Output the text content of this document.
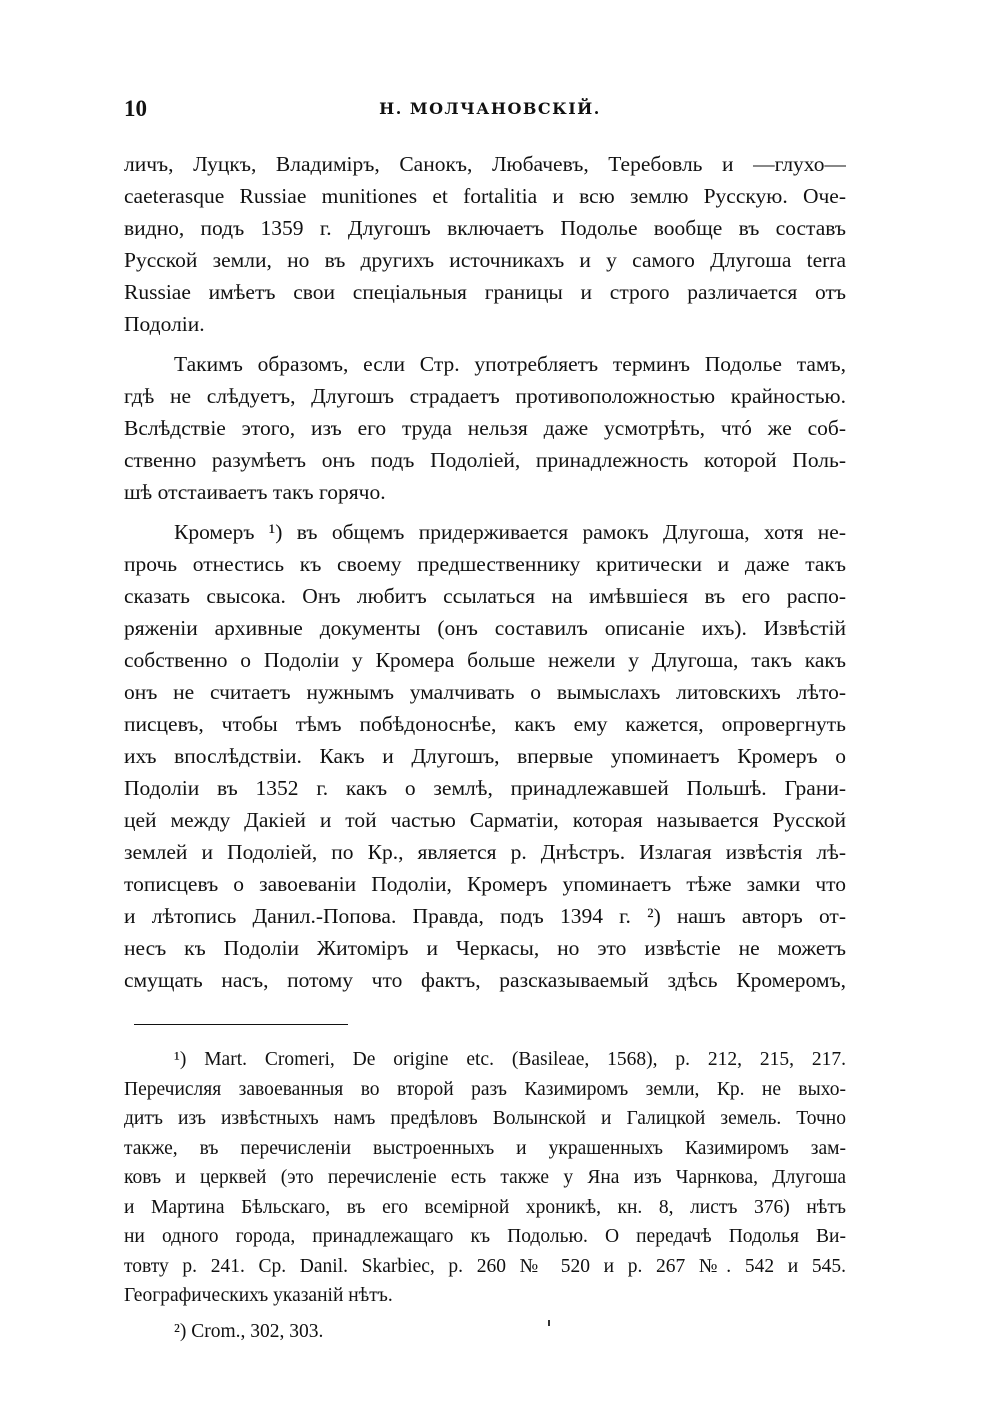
10	Н. МОЛЧАНОВСКIЙ.
личъ, Луцкъ, Владимiръ, Санокъ, Любачевъ, Теребовль и —глухо—
caeterasque Russiae munitiones et fortalitia и всю землю Русскую. Оче-
видно, подъ 1359 г. Длугошъ включаетъ Подолье вообще въ составъ
Русской земли, но въ другихъ источникахъ и у самого Длугоша terra
Russiae имѣетъ свои спецiальныя границы и строго различается отъ
Подолiи.
Такимъ образомъ, если Стр. употребляетъ терминъ Подолье тамъ,
гдѣ не слѣдуетъ, Длугошъ страдаетъ противоположностью крайностью.
Вслѣдствiе этого, изъ его труда нельзя даже усмотрѣть, чтó же соб-
ственно разумѣетъ онъ подъ Подолiей, принадлежность которой Поль-
шѣ отстаиваетъ такъ горячо.
Кромеръ ¹) въ общемъ придерживается рамокъ Длугоша, хотя не-
прочь отнестись къ своему предшественнику критически и даже такъ
сказать свысока. Онъ любитъ ссылаться на имѣвшiеся въ его распо-
ряженiи архивные документы (онъ составилъ описанiе ихъ). Извѣстiй
собственно о Подолiи у Кромера больше нежели у Длугоша, такъ какъ
онъ не считаетъ нужнымъ умалчивать о вымыслахъ литовскихъ лѣто-
писцевъ, чтобы тѣмъ побѣдоноснѣе, какъ ему кажется, опровергнуть
ихъ впослѣдствiи. Какъ и Длугошъ, впервые упоминаетъ Кромеръ о
Подолiи въ 1352 г. какъ о землѣ, принадлежавшей Польшѣ. Грани-
цей между Дакiей и той частью Сарматiи, которая называется Русской
землей и Подолiей, по Кр., является р. Днѣстръ. Излагая извѣстiя лѣ-
тописцевъ о завоеванiи Подолiи, Кромеръ упоминаетъ тѣже замки что
и лѣтопись Данил.-Попова. Правда, подъ 1394 г. ²) нашъ авторъ от-
несъ къ Подолiи Житомiръ и Черкасы, но это извѣстiе не можетъ
смущать насъ, потому что фактъ, разсказываемый здѣсь Кромеромъ,
¹) Mart. Cromeri, De origine etc. (Basileae, 1568), p. 212, 215, 217.
Перечисляя завоеванныя во второй разъ Казимиромъ земли, Кр. не выхо-
дитъ изъ извѣстныхъ намъ предѣловъ Волынской и Галицкой земель. Точно
также, въ перечисленiи выстроенныхъ и украшенныхъ Казимиромъ зам-
ковъ и церквей (это перечисленiе есть также у Яна изъ Чарнкова, Длугоша
и Мартина Бѣльскаго, въ его всемiрной хроникѣ, кн. 8, листъ 376) нѣтъ
ни одного города, принадлежащаго къ Подолью. О передачѣ Подолья Ви-
товту р. 241. Ср. Danil. Skarbiec, p. 260 № 520 и р. 267 №. 542 и 545.
Географическихъ указанiй нѣтъ.
²) Crom., 302, 303.
